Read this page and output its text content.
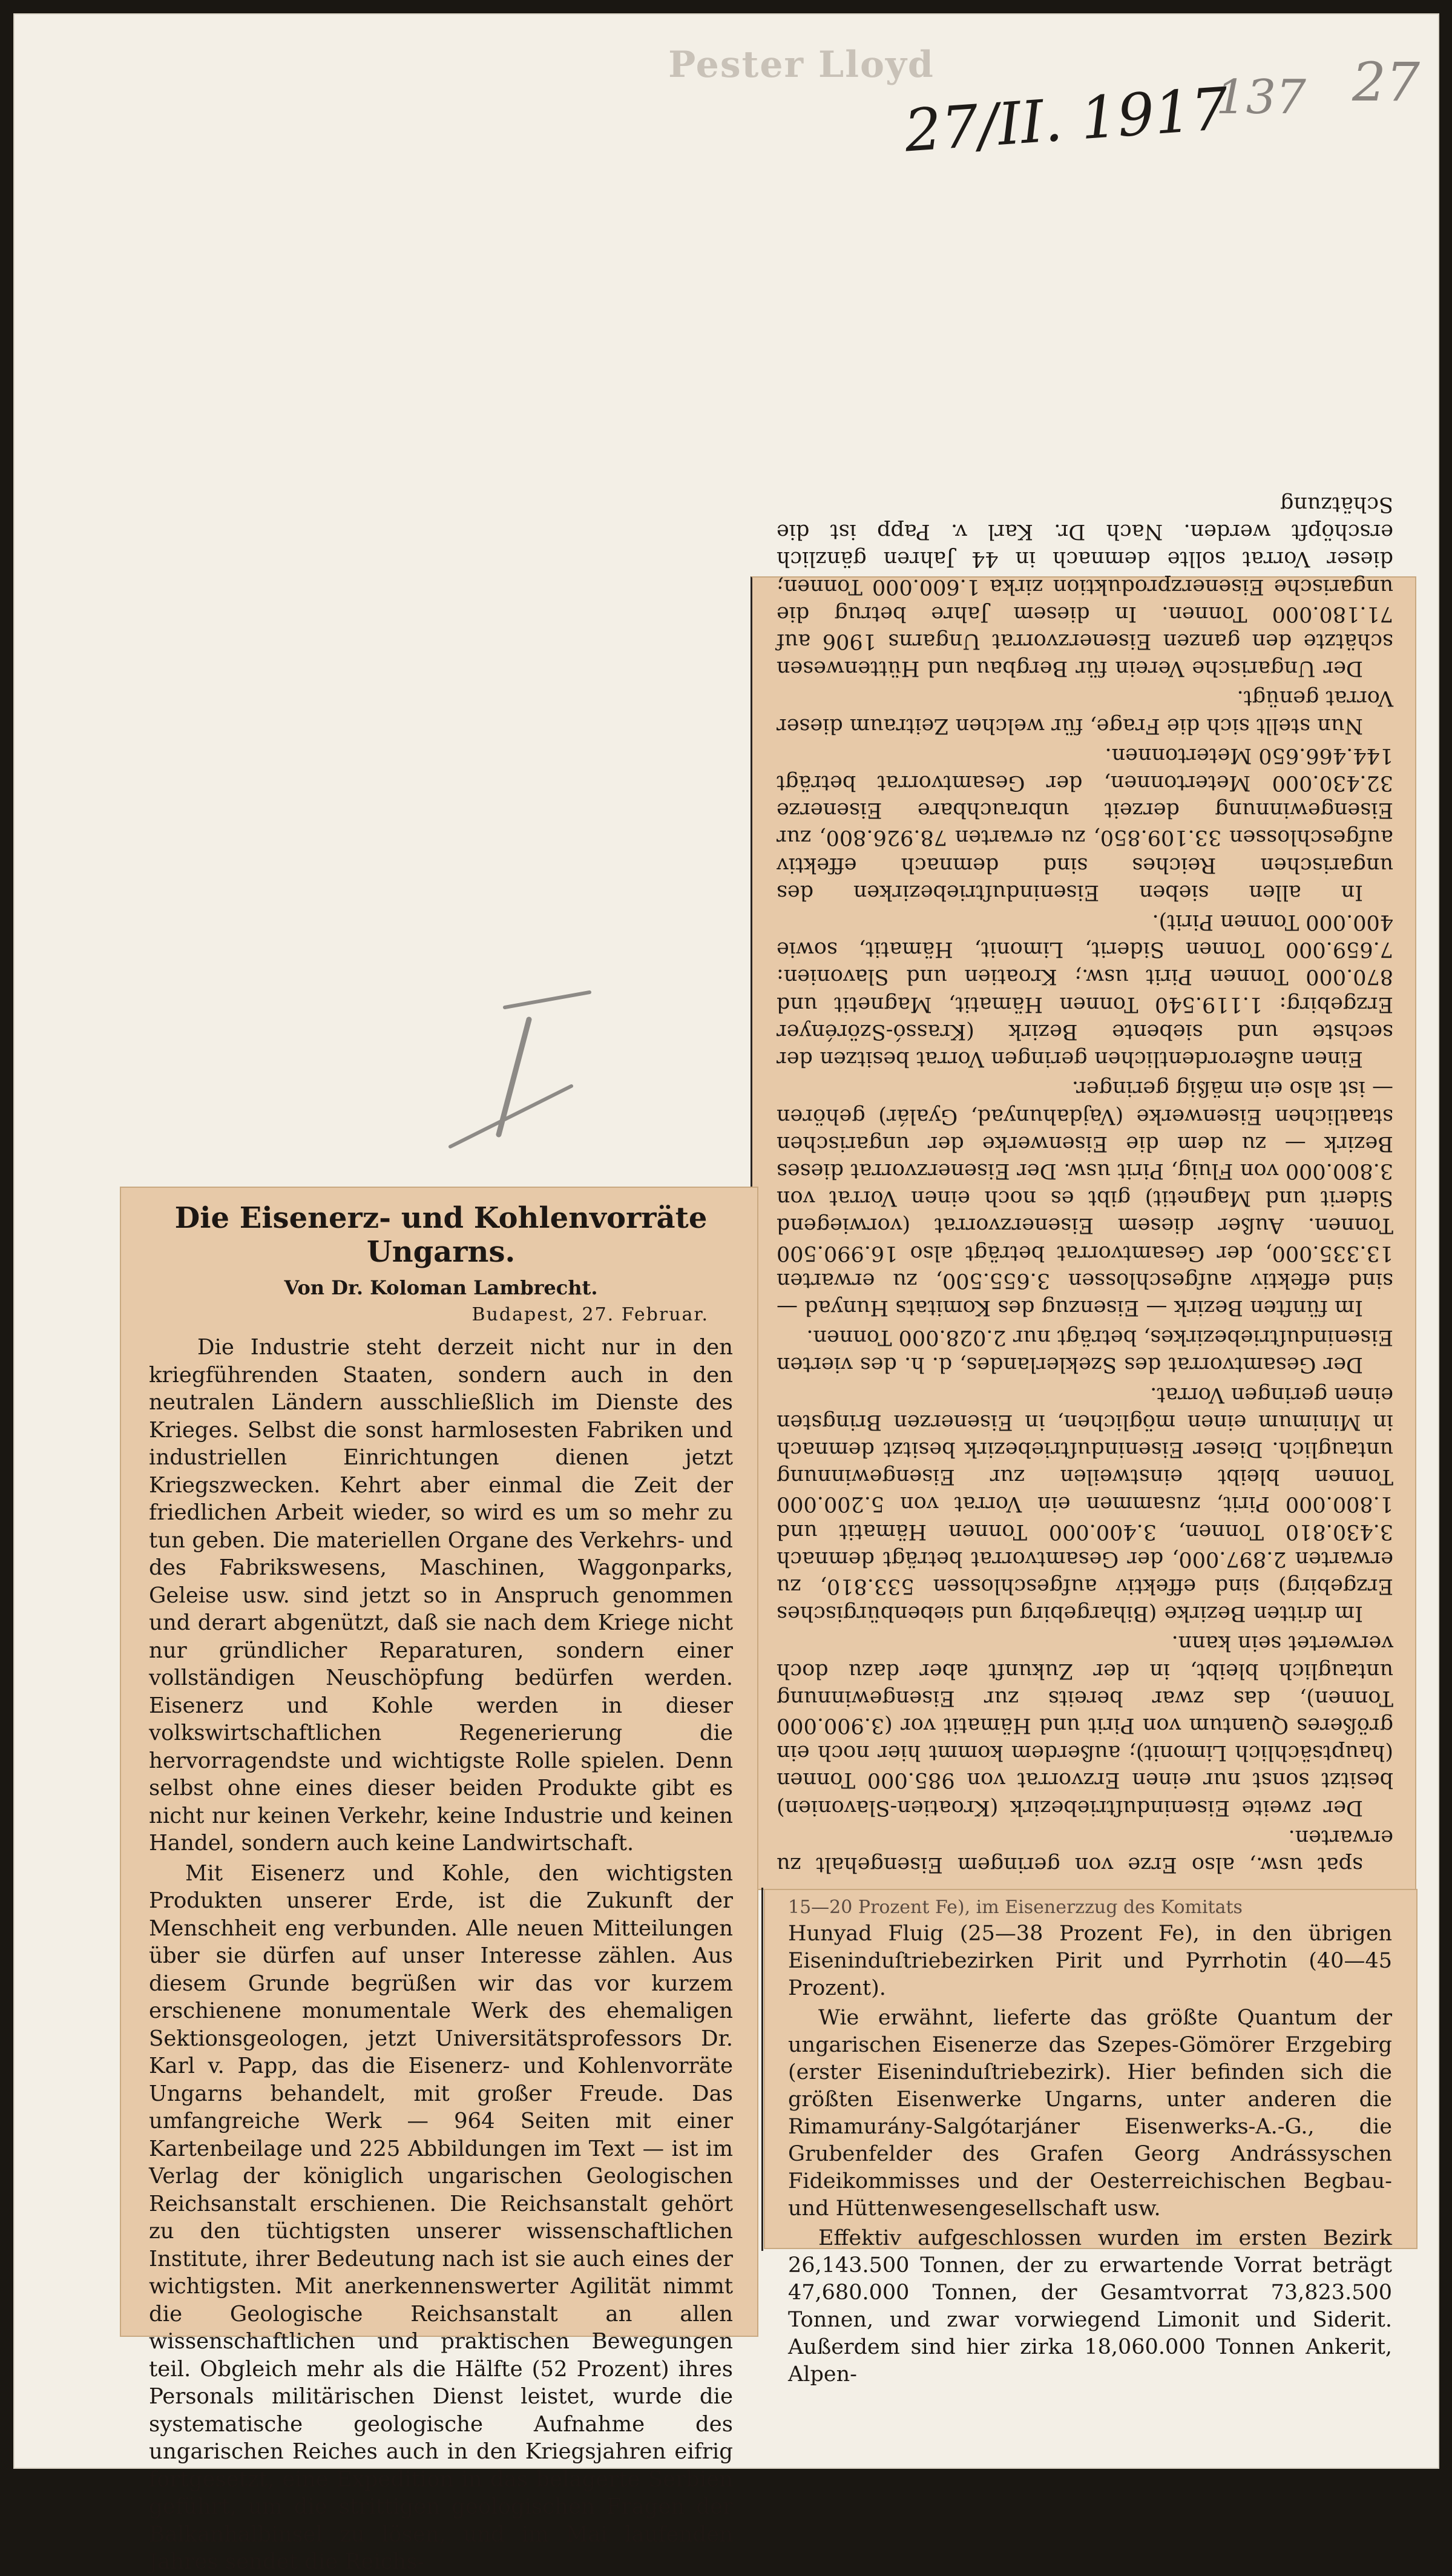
Pester Lloyd
27/II. 1917
137 27

spat usw., also Erze von geringem Eisengehalt zu erwarten.

Der zweite Eiseninduſtriebezirk (Kroatien-Slavonien) besitzt sonst nur einen Erzvorrat von 985.000 Tonnen (hauptsächlich Limonit); außerdem kommt hier noch ein größeres Quantum von Pirit und Hämatit vor (3.900.000 Tonnen), das zwar bereits zur Eisengewinnung untauglich bleibt, in der Zukunft aber dazu doch verwertet sein kann.

Im dritten Bezirke (Bihargebirg und siebenbürgisches Erzgebirg) sind effektiv aufgeschlossen 533.810, zu erwarten 2.897.000, der Gesamtvorrat beträgt demnach 3.430.810 Tonnen, 3.400.000 Tonnen Hämatit und 1.800.000 Pirit, zusammen ein Vorrat von 5.200.000 Tonnen bleibt einstweilen zur Eisengewinnung untauglich. Dieser Eiseninduſtriebezirk besitzt demnach in Minimum einen möglichen, in Eisenerzen Bringsten einen geringen Vorrat.

Der Gesamtvorrat des Szeklerlandes, d. h. des vierten Eiseninduſtriebezirkes, beträgt nur 2.028.000 Tonnen.

Im fünften Bezirk — Eisenzug des Komitats Hunyad — sind effektiv aufgeschlossen 3.655.500, zu erwarten 13.335.000, der Gesamtvorrat beträgt also 16.990.500 Tonnen. Außer diesem Eisenerzvorrat (vorwiegend Siderit und Magnetit) gibt es noch einen Vorrat von 3.800.000 von Fluig, Pirit usw. Der Eisenerzvorrat dieses Bezirk — zu dem die Eisenwerke der ungarischen staatlichen Eisenwerke (Vajdahunyad, Gyalár) gehören — ist also ein mäßig geringer.

Einen außerordentlichen geringen Vorrat besitzen der sechste und siebente Bezirk (Krassó-Szörényer Erzgebirg: 1.119.540 Tonnen Hämatit, Magnetit und 870.000 Tonnen Pirit usw.; Kroatien und Slavonien: 7.659.000 Tonnen Siderit, Limonit, Hämatit, sowie 400.000 Tonnen Pirit).

In allen sieben Eiseninduſtriebezirken des ungarischen Reiches sind demnach effektiv aufgeschlossen 33.109.850, zu erwarten 78.926.800, zur Eisengewinnung derzeit unbrauchbare Eisenerze 32.430.000 Metertonnen, der Gesamtvorrat beträgt 144.466.650 Metertonnen.

Nun stellt sich die Frage, für welchen Zeitraum dieser Vorrat genügt.

Der Ungarische Verein für Bergbau und Hüttenwesen schätzte den ganzen Eisenerzvorrat Ungarns 1906 auf 71.180.000 Tonnen. In diesem Jahre betrug die ungarische Eisenerzproduktion zirka 1.600.000 Tonnen; dieser Vorrat sollte demnach in 44 Jahren gänzlich erschöpft werden. Nach Dr. Karl v. Papp ist die Schätzung

Die Eisenerz- und Kohlenvorräte Ungarns.
Von Dr. Koloman Lambrecht.
Budapest, 27. Februar.

Die Industrie steht derzeit nicht nur in den kriegführenden Staaten, sondern auch in den neutralen Ländern ausschließlich im Dienste des Krieges. Selbst die sonst harmlosesten Fabriken und industriellen Einrichtungen dienen jetzt Kriegszwecken. Kehrt aber einmal die Zeit der friedlichen Arbeit wieder, so wird es um so mehr zu tun geben. Die materiellen Organe des Verkehrs- und des Fabrikswesens, Maschinen, Waggonparks, Geleise usw. sind jetzt so in Anspruch genommen und derart abgenützt, daß sie nach dem Kriege nicht nur gründlicher Reparaturen, sondern einer vollständigen Neuschöpfung bedürfen werden. Eisenerz und Kohle werden in dieser volkswirtschaftlichen Regenerierung die hervorragendste und wichtigste Rolle spielen. Denn selbst ohne eines dieser beiden Produkte gibt es nicht nur keinen Verkehr, keine Industrie und keinen Handel, sondern auch keine Landwirtschaft.

Mit Eisenerz und Kohle, den wichtigsten Produkten unserer Erde, ist die Zukunft der Menschheit eng verbunden. Alle neuen Mitteilungen über sie dürfen auf unser Interesse zählen. Aus diesem Grunde begrüßen wir das vor kurzem erschienene monumentale Werk des ehemaligen Sektionsgeologen, jetzt Universitätsprofessors Dr. Karl v. Papp, das die Eisenerz- und Kohlenvorräte Ungarns behandelt, mit großer Freude. Das umfangreiche Werk — 964 Seiten mit einer Kartenbeilage und 225 Abbildungen im Text — ist im Verlag der königlich ungarischen Geologischen Reichsanstalt erschienen. Die Reichsanstalt gehört zu den tüchtigsten unserer wissenschaftlichen Institute, ihrer Bedeutung nach ist sie auch eines der wichtigsten. Mit anerkennenswerter Agilität nimmt die Geologische Reichsanstalt an allen wissenschaftlichen und praktischen Bewegungen teil. Obgleich mehr als die Hälfte (52 Prozent) ihres Personals militärischen Dienst leistet, wurde die systematische geologische Aufnahme des ungarischen Reiches auch in den Kriegsjahren eifrig fortgesetzt, eine Expedition in das belagerte Serbien geführt, um die strittigen geologischen Fragen der Balkanhalbinsel zu lösen, und im Mai laufenden Jahres sendet die Reichs-

15—20 Prozent Fe), im Eisenerzzug des Komitats

Hunyad Fluig (25—38 Prozent Fe), in den übrigen Eiseninduſtriebezirken Pirit und Pyrrhotin (40—45 Prozent).

Wie erwähnt, lieferte das größte Quantum der ungarischen Eisenerze das Szepes-Gömörer Erzgebirg (erster Eiseninduſtriebezirk). Hier befinden sich die größten Eisenwerke Ungarns, unter anderen die Rimamurány-Salgótarjáner Eisenwerks-A.-G., die Grubenfelder des Grafen Georg Andrássyschen Fideikommisses und der Oesterreichischen Begbau- und Hüttenwesengesellschaft usw.

Effektiv aufgeschlossen wurden im ersten Bezirk 26,143.500 Tonnen, der zu erwartende Vorrat beträgt 47,680.000 Tonnen, der Gesamtvorrat 73,823.500 Tonnen, und zwar vorwiegend Limonit und Siderit. Außerdem sind hier zirka 18,060.000 Tonnen Ankerit, Alpen-
